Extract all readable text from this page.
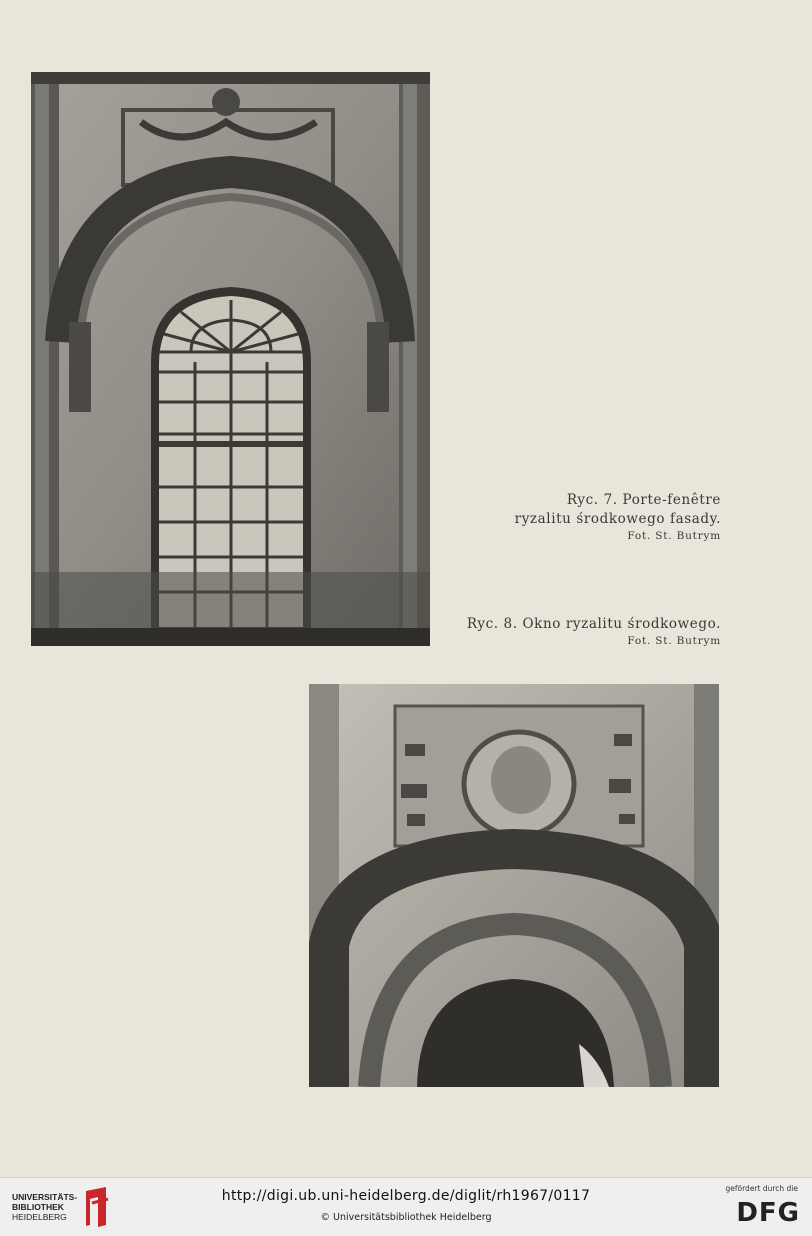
Ryc. 7. Porte-fenêtre
ryzalitu środkowego fasady.
Fot. St. Butrym
Ryc. 8. Okno ryzalitu środkowego.
Fot. St. Butrym
UNIVERSITÄTS-
BIBLIOTHEK
HEIDELBERG
http://digi.ub.uni-heidelberg.de/diglit/rh1967/0117
© Universitätsbibliothek Heidelberg
gefördert durch die
DFG
